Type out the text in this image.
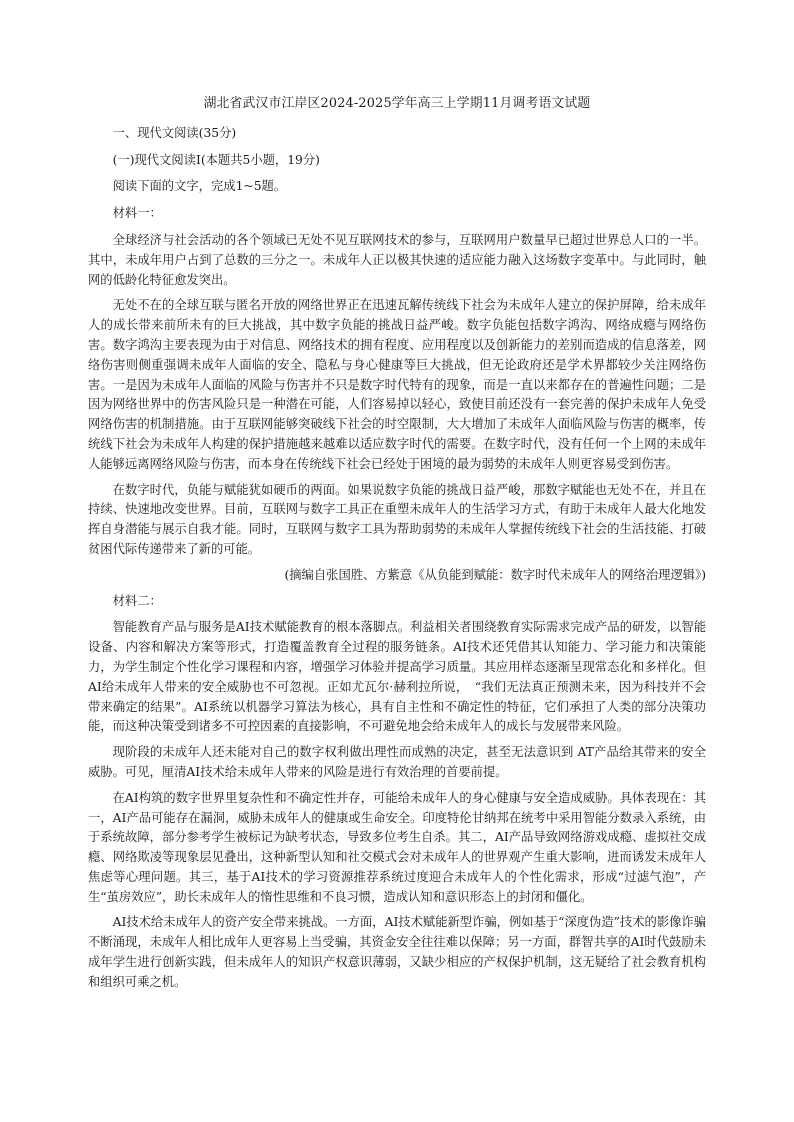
湖北省武汉市江岸区2024-2025学年高三上学期11月调考语文试题
一、现代文阅读(35分)
(一)现代文阅读Ⅰ(本题共5小题，19分)
阅读下面的文字，完成1~5题。
材料一：

全球经济与社会活动的各个领域已无处不见互联网技术的参与，互联网用户数量早已超过世界总人口的一半。其中，未成年用户占到了总数的三分之一。未成年人正以极其快速的适应能力融入这场数字变革中。与此同时，触网的低龄化特征愈发突出。

无处不在的全球互联与匿名开放的网络世界正在迅速瓦解传统线下社会为未成年人建立的保护屏障，给未成年人的成长带来前所未有的巨大挑战，其中数字负能的挑战日益严峻。数字负能包括数字鸿沟、网络成瘾与网络伤害。数字鸿沟主要表现为由于对信息、网络技术的拥有程度、应用程度以及创新能力的差别而造成的信息落差，网络伤害则侧重强调未成年人面临的安全、隐私与身心健康等巨大挑战，但无论政府还是学术界都较少关注网络伤害。一是因为未成年人面临的风险与伤害并不只是数字时代特有的现象，而是一直以来都存在的普遍性问题；二是因为网络世界中的伤害风险只是一种潜在可能，人们容易掉以轻心，致使目前还没有一套完善的保护未成年人免受网络伤害的机制措施。由于互联网能够突破线下社会的时空限制，大大增加了未成年人面临风险与伤害的概率，传统线下社会为未成年人构建的保护措施越来越难以适应数字时代的需要。在数字时代，没有任何一个上网的未成年人能够远离网络风险与伤害，而本身在传统线下社会已经处于困境的最为弱势的未成年人则更容易受到伤害。

在数字时代，负能与赋能犹如硬币的两面。如果说数字负能的挑战日益严峻，那数字赋能也无处不在，并且在持续、快速地改变世界。目前，互联网与数字工具正在重塑未成年人的生活学习方式，有助于未成年人最大化地发挥自身潜能与展示自我才能。同时，互联网与数字工具为帮助弱势的未成年人掌握传统线下社会的生活技能、打破贫困代际传递带来了新的可能。

(摘编自张国胜、方紫意《从负能到赋能：数字时代未成年人的网络治理逻辑》)
材料二：

智能教育产品与服务是AI技术赋能教育的根本落脚点。利益相关者围绕教育实际需求完成产品的研发，以智能设备、内容和解决方案等形式，打造覆盖教育全过程的服务链条。AI技术还凭借其认知能力、学习能力和决策能力，为学生制定个性化学习课程和内容，增强学习体验并提高学习质量。其应用样态逐渐呈现常态化和多样化。但AI给未成年人带来的安全威胁也不可忽视。正如尤瓦尔·赫利拉所说，　“我们无法真正预测未来，因为科技并不会带来确定的结果”。AI系统以机器学习算法为核心，具有自主性和不确定性的特征，它们承担了人类的部分决策功能，而这种决策受到诸多不可控因素的直接影响，不可避免地会给未成年人的成长与发展带来风险。

现阶段的未成年人还未能对自己的数字权利做出理性而成熟的决定，甚至无法意识到 AT产品给其带来的安全威胁。可见，厘清AI技术给未成年人带来的风险是进行有效治理的首要前提。

在AI构筑的数字世界里复杂性和不确定性并存，可能给未成年人的身心健康与安全造成威胁。具体表现在：其一，AI产品可能存在漏洞，威胁未成年人的健康或生命安全。印度特伦甘纳邦在统考中采用智能分数录入系统，由于系统故障，部分参考学生被标记为缺考状态，导致多位考生自杀。其二，AI产品导致网络游戏成瘾、虚拟社交成瘾、网络欺凌等现象层见叠出，这种新型认知和社交模式会对未成年人的世界观产生重大影响，进而诱发未成年人焦虑等心理问题。其三，基于AI技术的学习资源推荐系统过度迎合未成年人的个性化需求，形成“过滤气泡”，产生“茧房效应”，助长未成年人的惰性思维和不良习惯，造成认知和意识形态上的封闭和僵化。

AI技术给未成年人的资产安全带来挑战。一方面，AI技术赋能新型诈骗，例如基于“深度伪造”技术的影像诈骗不断涌现，未成年人相比成年人更容易上当受骗，其资金安全往往难以保障；另一方面，群智共享的AI时代鼓励未成年学生进行创新实践，但未成年人的知识产权意识薄弱，又缺少相应的产权保护机制，这无疑给了社会教育机构和组织可乘之机。
